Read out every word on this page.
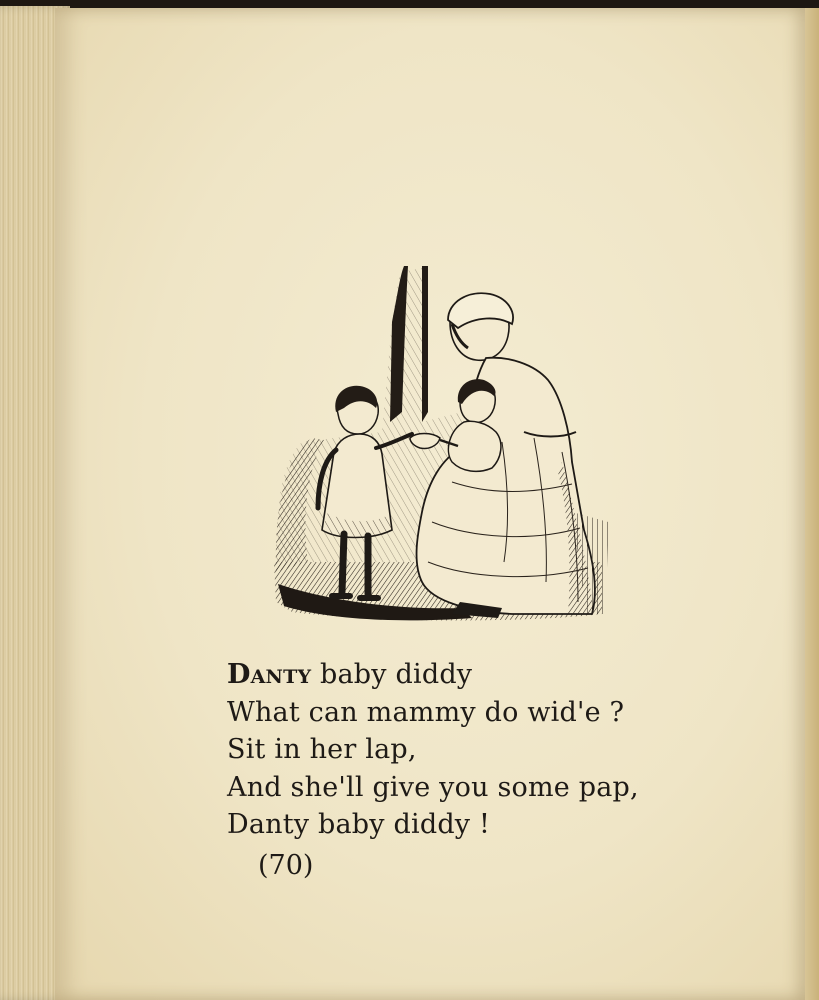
Danty baby diddy
What can mammy do wid'e ?
Sit in her lap,
And she'll give you some pap,
Danty baby diddy !
(70)
